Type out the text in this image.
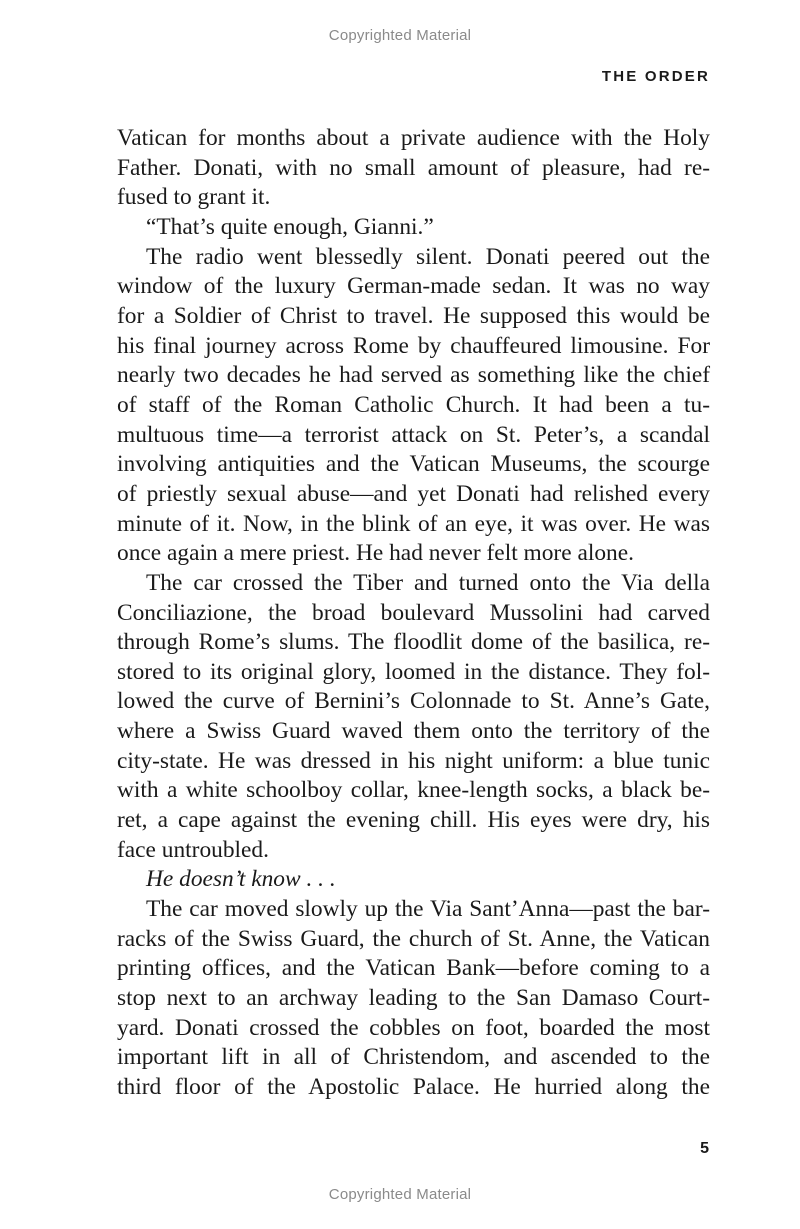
Copyrighted Material
THE ORDER
Vatican for months about a private audience with the Holy
Father. Donati, with no small amount of pleasure, had re-
fused to grant it.
“That’s quite enough, Gianni.”
The radio went blessedly silent. Donati peered out the
window of the luxury German-made sedan. It was no way
for a Soldier of Christ to travel. He supposed this would be
his final journey across Rome by chauffeured limousine. For
nearly two decades he had served as something like the chief
of staff of the Roman Catholic Church. It had been a tu-
multuous time—a terrorist attack on St. Peter’s, a scandal
involving antiquities and the Vatican Museums, the scourge
of priestly sexual abuse—and yet Donati had relished every
minute of it. Now, in the blink of an eye, it was over. He was
once again a mere priest. He had never felt more alone.
The car crossed the Tiber and turned onto the Via della
Conciliazione, the broad boulevard Mussolini had carved
through Rome’s slums. The floodlit dome of the basilica, re-
stored to its original glory, loomed in the distance. They fol-
lowed the curve of Bernini’s Colonnade to St. Anne’s Gate,
where a Swiss Guard waved them onto the territory of the
city-state. He was dressed in his night uniform: a blue tunic
with a white schoolboy collar, knee-length socks, a black be-
ret, a cape against the evening chill. His eyes were dry, his
face untroubled.
He doesn’t know . . .
The car moved slowly up the Via Sant’Anna—past the bar-
racks of the Swiss Guard, the church of St. Anne, the Vatican
printing offices, and the Vatican Bank—before coming to a
stop next to an archway leading to the San Damaso Court-
yard. Donati crossed the cobbles on foot, boarded the most
important lift in all of Christendom, and ascended to the
third floor of the Apostolic Palace. He hurried along the
5
Copyrighted Material
